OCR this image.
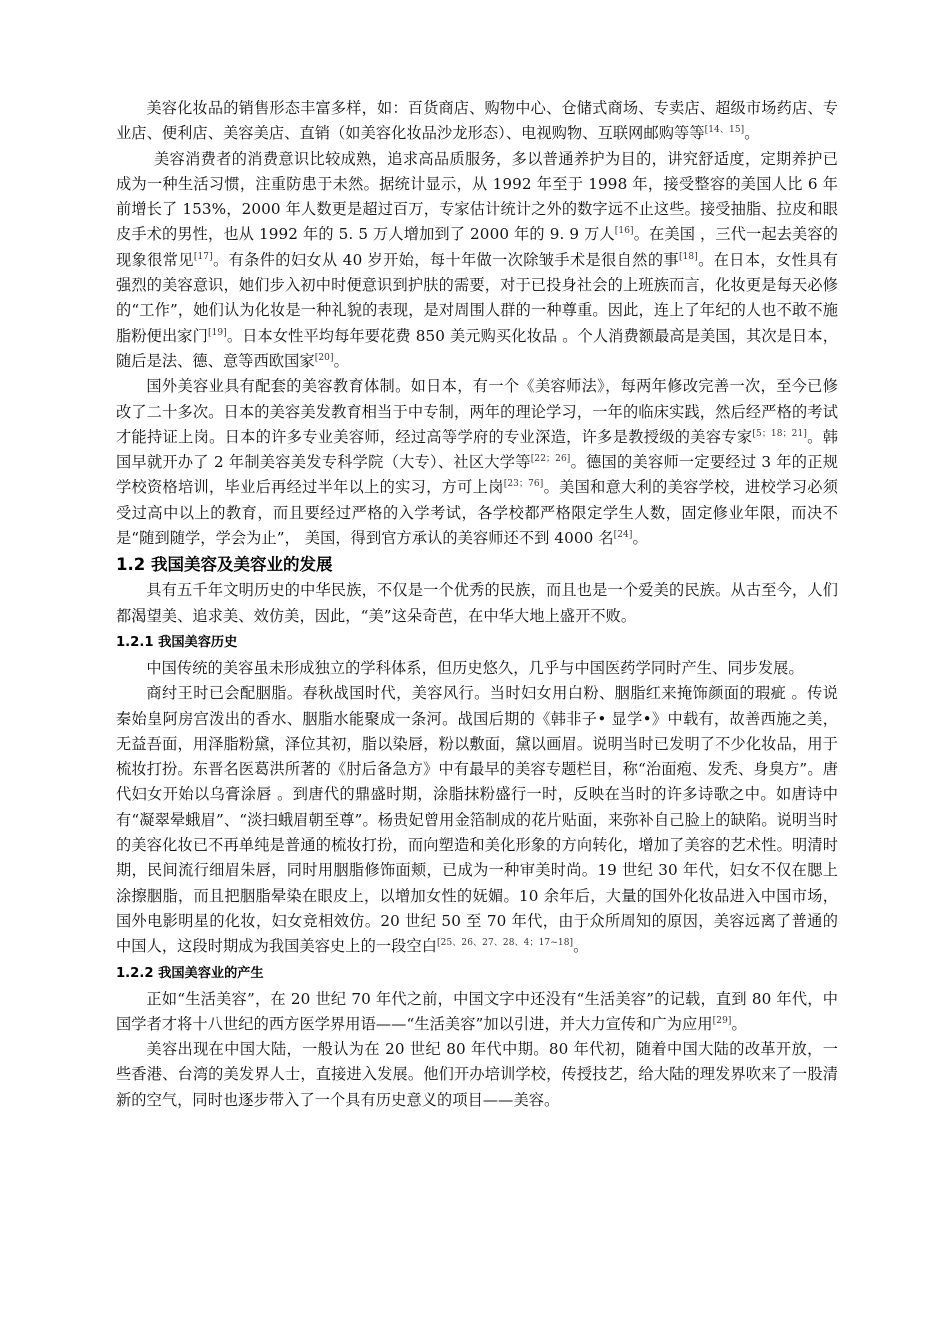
美容化妆品的销售形态丰富多样，如：百货商店、购物中心、仓储式商场、专卖店、超级市场药店、专业店、便利店、美容美店、直销（如美容化妆品沙龙形态）、电视购物、互联网邮购等等[14、15]。

美容消费者的消费意识比较成熟，追求高品质服务，多以普通养护为目的，讲究舒适度，定期养护已成为一种生活习惯，注重防患于未然。据统计显示，从 1992 年至于 1998 年，接受整容的美国人比 6 年前增长了 153%，2000 年人数更是超过百万，专家估计统计之外的数字远不止这些。接受抽脂、拉皮和眼皮手术的男性，也从 1992 年的 5. 5 万人增加到了 2000 年的 9. 9 万人[16]。在美国 ，三代一起去美容的现象很常见[17]。有条件的妇女从 40 岁开始，每十年做一次除皱手术是很自然的事[18]。在日本，女性具有强烈的美容意识，她们步入初中时便意识到护肤的需要，对于已投身社会的上班族而言，化妆更是每天必修的“工作”，她们认为化妆是一种礼貌的表现，是对周围人群的一种尊重。因此，连上了年纪的人也不敢不施脂粉便出家门[19]。日本女性平均每年要花费 850 美元购买化妆品 。个人消费额最高是美国，其次是日本，随后是法、德、意等西欧国家[20]。

国外美容业具有配套的美容教育体制。如日本，有一个《美容师法》，每两年修改完善一次，至今已修改了二十多次。日本的美容美发教育相当于中专制，两年的理论学习，一年的临床实践，然后经严格的考试才能持证上岗。日本的许多专业美容师，经过高等学府的专业深造，许多是教授级的美容专家[5；18；21]。韩国早就开办了 2 年制美容美发专科学院（大专）、社区大学等[22；26]。德国的美容师一定要经过 3 年的正规学校资格培训，毕业后再经过半年以上的实习，方可上岗[23；76]。美国和意大利的美容学校，进校学习必须受过高中以上的教育，而且要经过严格的入学考试，各学校都严格限定学生人数，固定修业年限，而决不是“随到随学，学会为止”， 美国，得到官方承认的美容师还不到 4000 名[24]。

1.2 我国美容及美容业的发展

具有五千年文明历史的中华民族，不仅是一个优秀的民族，而且也是一个爱美的民族。从古至今，人们都渴望美、追求美、效仿美，因此，“美”这朵奇芭，在中华大地上盛开不败。

1.2.1 我国美容历史

中国传统的美容虽未形成独立的学科体系，但历史悠久，几乎与中国医药学同时产生、同步发展。

商纣王时已会配胭脂。春秋战国时代，美容风行。当时妇女用白粉、胭脂红来掩饰颜面的瑕疵 。传说秦始皇阿房宫泼出的香水、胭脂水能聚成一条河。战国后期的《韩非子• 显学•》中载有，故善西施之美，无益吾面，用泽脂粉黛，泽位其初，脂以染唇，粉以敷面，黛以画眉。说明当时已发明了不少化妆品，用于梳妆打扮。东晋名医葛洪所著的《肘后备急方》中有最早的美容专题栏目，称“治面疱、发秃、身臭方”。唐代妇女开始以乌膏涂唇 。到唐代的鼎盛时期，涂脂抹粉盛行一时，反映在当时的许多诗歌之中。如唐诗中有“凝翠晕蛾眉”、“淡扫蛾眉朝至尊”。杨贵妃曾用金箔制成的花片贴面，来弥补自己脸上的缺陷。说明当时的美容化妆已不再单纯是普通的梳妆打扮，而向塑造和美化形象的方向转化，增加了美容的艺术性。明清时期，民间流行细眉朱唇，同时用胭脂修饰面颊，已成为一种审美时尚。19 世纪 30 年代，妇女不仅在腮上涂擦胭脂，而且把胭脂晕染在眼皮上，以增加女性的妩媚。10 余年后，大量的国外化妆品进入中国市场，国外电影明星的化妆，妇女竞相效仿。20 世纪 50 至 70 年代，由于众所周知的原因，美容远离了普通的中国人，这段时期成为我国美容史上的一段空白[25、26、27、28、4；17~18]。

1.2.2 我国美容业的产生

正如“生活美容”，在 20 世纪 70 年代之前，中国文字中还没有“生活美容”的记载，直到 80 年代，中国学者才将十八世纪的西方医学界用语——“生活美容”加以引进，并大力宣传和广为应用[29]。

美容出现在中国大陆，一般认为在 20 世纪 80 年代中期。80 年代初，随着中国大陆的改革开放，一些香港、台湾的美发界人士，直接进入发展。他们开办培训学校，传授技艺，给大陆的理发界吹来了一股清新的空气，同时也逐步带入了一个具有历史意义的项目——美容。
